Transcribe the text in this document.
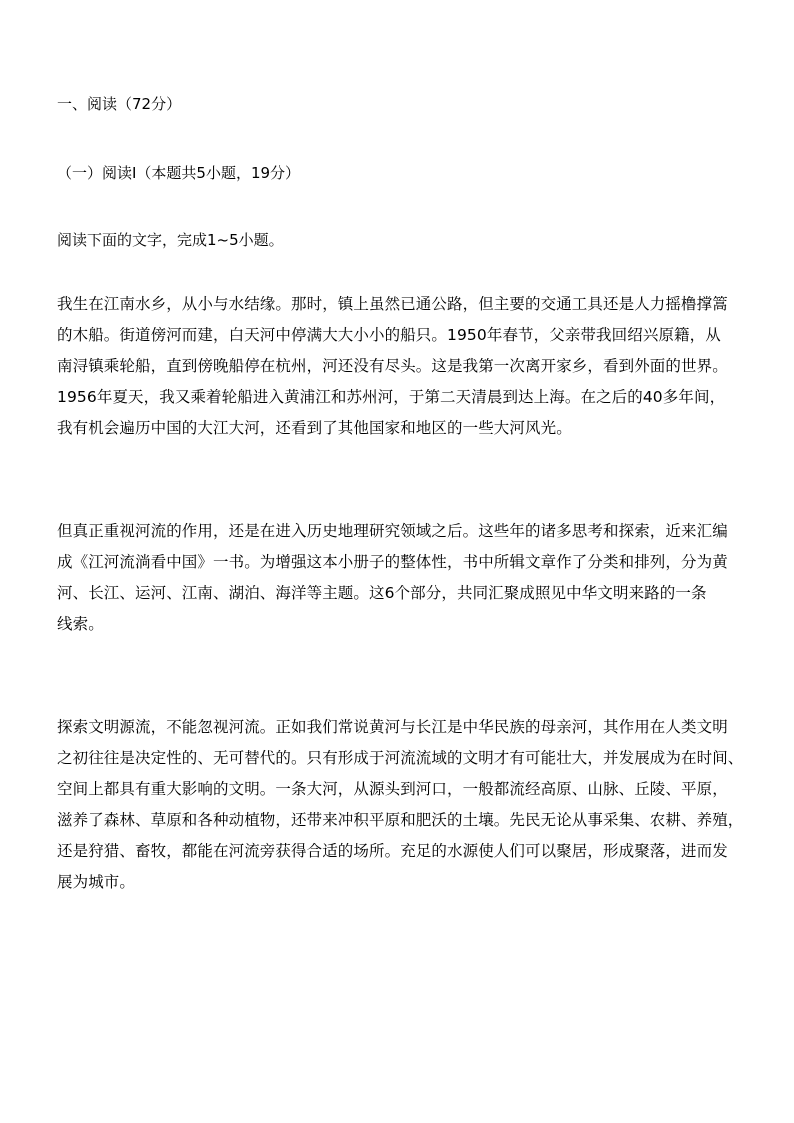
一、阅读（72分）
（一）阅读I（本题共5小题，19分）
阅读下面的文字，完成1~5小题。
我生在江南水乡，从小与水结缘。那时，镇上虽然已通公路，但主要的交通工具还是人力摇橹撑篙
的木船。街道傍河而建，白天河中停满大大小小的船只。1950年春节，父亲带我回绍兴原籍，从
南浔镇乘轮船，直到傍晚船停在杭州，河还没有尽头。这是我第一次离开家乡，看到外面的世界。
1956年夏天，我又乘着轮船进入黄浦江和苏州河，于第二天清晨到达上海。在之后的40多年间，
我有机会遍历中国的大江大河，还看到了其他国家和地区的一些大河风光。
但真正重视河流的作用，还是在进入历史地理研究领域之后。这些年的诸多思考和探索，近来汇编
成《江河流淌看中国》一书。为增强这本小册子的整体性，书中所辑文章作了分类和排列，分为黄
河、长江、运河、江南、湖泊、海洋等主题。这6个部分，共同汇聚成照见中华文明来路的一条
线索。
探索文明源流，不能忽视河流。正如我们常说黄河与长江是中华民族的母亲河，其作用在人类文明
之初往往是决定性的、无可替代的。只有形成于河流流域的文明才有可能壮大，并发展成为在时间、
空间上都具有重大影响的文明。一条大河，从源头到河口，一般都流经高原、山脉、丘陵、平原，
滋养了森林、草原和各种动植物，还带来冲积平原和肥沃的土壤。先民无论从事采集、农耕、养殖，
还是狩猎、畜牧，都能在河流旁获得合适的场所。充足的水源使人们可以聚居，形成聚落，进而发
展为城市。
